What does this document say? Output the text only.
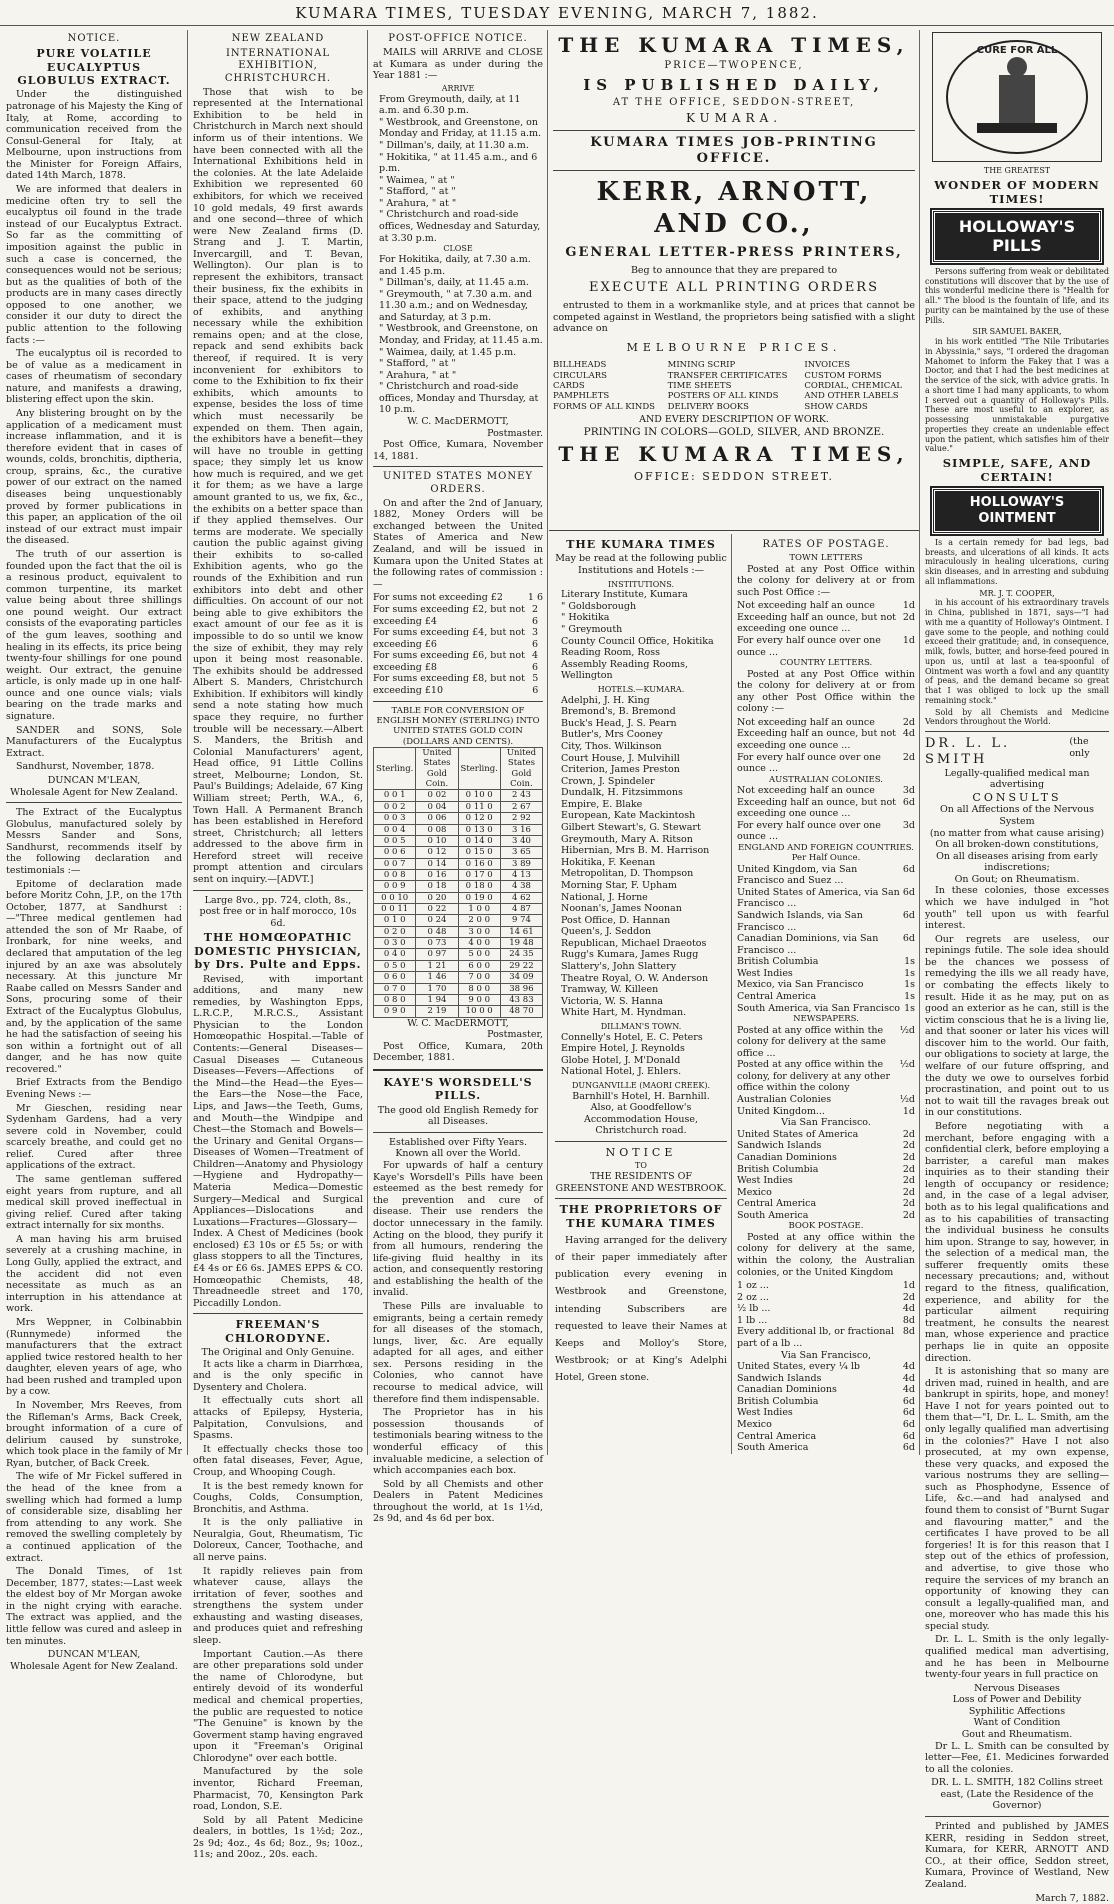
KUMARA TIMES, TUESDAY EVENING, MARCH 7, 1882.
NOTICE.
PURE VOLATILE EUCALYPTUS GLOBULUS EXTRACT.

Under the distinguished patronage of his Majesty the King of Italy, at Rome, according to communication received from the Consul-General for Italy, at Melbourne, upon instructions from the Minister for Foreign Affairs, dated 14th March, 1878.

We are informed that dealers in medicine often try to sell the eucalyptus oil found in the trade instead of our Eucalyptus Extract. So far as the committing of imposition against the public in such a case is concerned, the consequences would not be serious; but as the qualities of both of the products are in many cases directly opposed to one another, we consider it our duty to direct the public attention to the following facts :—

The eucalyptus oil is recorded to be of value as a medicament in cases of rheumatism of secondary nature, and manifests a drawing, blistering effect upon the skin.

Any blistering brought on by the application of a medicament must increase inflammation, and it is therefore evident that in cases of wounds, colds, bronchitis, diptheria, croup, sprains, &c., the curative power of our extract on the named diseases being unquestionably proved by former publications in this paper, an application of the oil instead of our extract must impair the diseased.

The truth of our assertion is founded upon the fact that the oil is a resinous product, equivalent to common turpentine, its market value being about three shillings one pound weight. Our extract consists of the evaporating particles of the gum leaves, soothing and healing in its effects, its price being twenty-four shillings for one pound weight. Our extract, the genuine article, is only made up in one half-ounce and one ounce vials; vials bearing on the trade marks and signature.

SANDER and SONS, Sole Manufacturers of the Eucalyptus Extract.

Sandhurst, November, 1878.

DUNCAN M'LEAN,
Wholesale Agent for New Zealand.

The Extract of the Eucalyptus Globulus, manufactured solely by Messrs Sander and Sons, Sandhurst, recommends itself by the following declaration and testimonials :—

Epitome of declaration made before Moritz Cohn, J.P., on the 17th October, 1877, at Sandhurst :—"Three medical gentlemen had attended the son of Mr Raabe, of Ironbark, for nine weeks, and declared that amputation of the leg injured by an axe was absolutely necessary. At this juncture Mr Raabe called on Messrs Sander and Sons, procuring some of their Extract of the Eucalyptus Globulus, and, by the application of the same he had the satisfaction of seeing his son within a fortnight out of all danger, and he has now quite recovered."

Brief Extracts from the Bendigo Evening News :—

Mr Gieschen, residing near Sydenham Gardens, had a very severe cold in November, could scarcely breathe, and could get no relief. Cured after three applications of the extract.

The same gentleman suffered eight years from rupture, and all medical skill proved ineffectual in giving relief. Cured after taking extract internally for six months.

A man having his arm bruised severely at a crushing machine, in Long Gully, applied the extract, and the accident did not even necessitate as much as an interruption in his attendance at work.

Mrs Weppner, in Colbinabbin (Runnymede) informed the manufacturers that the extract applied twice restored health to her daughter, eleven years of age, who had been rushed and trampled upon by a cow.

In November, Mrs Reeves, from the Rifleman's Arms, Back Creek, brought information of a cure of delirium caused by sunstroke, which took place in the family of Mr Ryan, butcher, of Back Creek.

The wife of Mr Fickel suffered in the head of the knee from a swelling which had formed a lump of considerable size, disabling her from attending to any work. She removed the swelling completely by a continued application of the extract.

The Donald Times, of 1st December, 1877, states:—Last week the eldest boy of Mr Morgan awoke in the night crying with earache. The extract was applied, and the little fellow was cured and asleep in ten minutes.

DUNCAN M'LEAN,
Wholesale Agent for New Zealand.
NEW ZEALAND
INTERNATIONAL EXHIBITION, CHRISTCHURCH.

Those that wish to be represented at the International Exhibition to be held in Christchurch in March next should inform us of their intentions. We have been connected with all the International Exhibitions held in the colonies. At the late Adelaide Exhibition we represented 60 exhibitors, for which we received 10 gold medals, 49 first awards and one second—three of which were New Zealand firms (D. Strang and J. T. Martin, Invercargill, and T. Bevan, Wellington). Our plan is to represent the exhibitors, transact their business, fix the exhibits in their space, attend to the judging of exhibits, and anything necessary while the exhibition remains open; and at the close, repack and send exhibits back thereof, if required. It is very inconvenient for exhibitors to come to the Exhibition to fix their exhibits, which amounts to expense, besides the loss of time which must necessarily be expended on them. Then again, the exhibitors have a benefit—they will have no trouble in getting space; they simply let us know how much is required, and we get it for them; as we have a large amount granted to us, we fix, &c., the exhibits on a better space than if they applied themselves. Our terms are moderate. We specially caution the public against giving their exhibits to so-called Exhibition agents, who go the rounds of the Exhibition and run exhibitors into debt and other difficulties. On account of our not being able to give exhibitors the exact amount of our fee as it is impossible to do so until we know the size of exhibit, they may rely upon it being most reasonable. The exhibits should be addressed Albert S. Manders, Christchurch Exhibition. If exhibitors will kindly send a note stating how much space they require, no further trouble will be necessary.—Albert S. Manders, the British and Colonial Manufacturers' agent, Head office, 91 Little Collins street, Melbourne; London, St. Paul's Buildings; Adelaide, 67 King William street; Perth, W.A., 6, Town Hall. A Permanent Branch has been established in Hereford street, Christchurch; all letters addressed to the above firm in Hereford street will receive prompt attention and circulars sent on inquiry.—[ADVT.]

Large 8vo., pp. 724, cloth, 8s., post free or in half morocco, 10s 6d.

THE HOMŒOPATHIC DOMESTIC PHYSICIAN, by Drs. Pulte and Epps.

Revised, with important additions, and many new remedies, by Washington Epps, L.R.C.P., M.R.C.S., Assistant Physician to the London Homœopathic Hospital.—Table of Contents:—General Diseases—Casual Diseases — Cutaneous Diseases—Fevers—Affections of the Mind—the Head—the Eyes—the Ears—the Nose—the Face, Lips, and Jaws—the Teeth, Gums, and Mouth—the Windpipe and Chest—the Stomach and Bowels—the Urinary and Genital Organs—Diseases of Women—Treatment of Children—Anatomy and Physiology—Hygiene and Hydropathy—Materia Medica—Domestic Surgery—Medical and Surgical Appliances—Dislocations and Luxations—Fractures—Glossary—Index. A Chest of Medicines (book enclosed) £3 10s or £5 5s; or with glass stoppers to all the Tinctures, £4 4s or £6 6s. JAMES EPPS & CO. Homœopathic Chemists, 48, Threadneedle street and 170, Piccadilly London.

FREEMAN'S CHLORODYNE.
The Original and Only Genuine.

It acts like a charm in Diarrhœa, and is the only specific in Dysentery and Cholera.

It effectually cuts short all attacks of Epilepsy, Hysteria, Palpitation, Convulsions, and Spasms.

It effectually checks those too often fatal diseases, Fever, Ague, Croup, and Whooping Cough.

It is the best remedy known for Coughs, Colds, Consumption, Bronchitis, and Asthma.

It is the only palliative in Neuralgia, Gout, Rheumatism, Tic Doloreux, Cancer, Toothache, and all nerve pains.

It rapidly relieves pain from whatever cause, allays the irritation of fever, soothes and strengthens the system under exhausting and wasting diseases, and produces quiet and refreshing sleep.

Important Caution.—As there are other preparations sold under the name of Chlorodyne, but entirely devoid of its wonderful medical and chemical properties, the public are requested to notice "The Genuine" is known by the Goverment stamp having engraved upon it "Freeman's Original Chlorodyne" over each bottle.

Manufactured by the sole inventor, Richard Freeman, Pharmacist, 70, Kensington Park road, London, S.E.

Sold by all Patent Medicine dealers, in bottles, 1s 1½d; 2oz., 2s 9d; 4oz., 4s 6d; 8oz., 9s; 10oz., 11s; and 20oz., 20s. each.

POST-OFFICE NOTICE.

MAILS will ARRIVE and CLOSE at Kumara as under during the Year 1881 :—

ARRIVE
From Greymouth, daily, at 11 a.m. and 6.30 p.m.
" Westbrook, and Greenstone, on Monday and Friday, at 11.15 a.m.
" Dillman's, daily, at 11.30 a.m.
" Hokitika, " at 11.45 a.m., and 6 p.m.
" Waimea, " at "
" Stafford, " at "
" Arahura, " at "
" Christchurch and road-side offices, Wednesday and Saturday, at 3.30 p.m.
CLOSE
For Hokitika, daily, at 7.30 a.m. and 1.45 p.m.
" Dillman's, daily, at 11.45 a.m.
" Greymouth, " at 7.30 a.m. and 11.30 a.m.; and on Wednesday, and Saturday, at 3 p.m.
" Westbrook, and Greenstone, on Monday, and Friday, at 11.45 a.m.
" Waimea, daily, at 1.45 p.m.
" Stafford, " at "
" Arahura, " at "
" Christchurch and road-side offices, Monday and Thursday, at 10 p.m.
W. C. MacDERMOTT,
Postmaster.

Post Office, Kumara, November 14, 1881.

UNITED STATES MONEY ORDERS.

On and after the 2nd of January, 1882, Money Orders will be exchanged between the United States of America and New Zealand, and will be issued in Kumara upon the United States at the following rates of commission :—

For sums not exceeding £2	1 6
For sums exceeding £2, but not exceeding £4
2 6
For sums exceeding £4, but not exceeding £6
3 6
For sums exceeding £6, but not exceeding £8
4 6
For sums exceeding £8, but not exceeding £10
5 6
TABLE FOR CONVERSION OF ENGLISH MONEY (STERLING) INTO UNITED STATES GOLD COIN (DOLLARS AND CENTS).
Sterling.	United States Gold Coin.	Sterling.	United States Gold Coin.
0 0 1	0 02	0 10 0	2 43
0 0 2	0 04	0 11 0	2 67
0 0 3	0 06	0 12 0	2 92
0 0 4	0 08	0 13 0	3 16
0 0 5	0 10	0 14 0	3 40
0 0 6	0 12	0 15 0	3 65
0 0 7	0 14	0 16 0	3 89
0 0 8	0 16	0 17 0	4 13
0 0 9	0 18	0 18 0	4 38
0 0 10	0 20	0 19 0	4 62
0 0 11	0 22	1 0 0	4 87
0 1 0	0 24	2 0 0	9 74
0 2 0	0 48	3 0 0	14 61
0 3 0	0 73	4 0 0	19 48
0 4 0	0 97	5 0 0	24 35
0 5 0	1 21	6 0 0	29 22
0 6 0	1 46	7 0 0	34 09
0 7 0	1 70	8 0 0	38 96
0 8 0	1 94	9 0 0	43 83
0 9 0	2 19	10 0 0	48 70
W. C. MacDERMOTT,
Postmaster,

Post Office, Kumara, 20th December, 1881.

KAYE'S WORSDELL'S PILLS.
The good old English Remedy for all Diseases.
Established over Fifty Years. Known all over the World.

For upwards of half a century Kaye's Worsdell's Pills have been esteemed as the best remedy for the prevention and cure of disease. Their use renders the doctor unnecessary in the family. Acting on the blood, they purify it from all humours, rendering the life-giving fluid healthy in its action, and consequently restoring and establishing the health of the invalid.

These Pills are invaluable to emigrants, being a certain remedy for all diseases of the stomach, lungs, liver, &c. Are equally adapted for all ages, and either sex. Persons residing in the Colonies, who cannot have recourse to medical advice, will therefore find them indispensable.

The Proprietor has in his possession thousands of testimonials bearing witness to the wonderful efficacy of this invaluable medicine, a selection of which accompanies each box.

Sold by all Chemists and other Dealers in Patent Medicines throughout the world, at 1s 1½d, 2s 9d, and 4s 6d per box.

THE KUMARA TIMES,
PRICE—TWOPENCE,
IS PUBLISHED DAILY,
AT THE OFFICE, SEDDON-STREET,
KUMARA.
KUMARA TIMES JOB-PRINTING OFFICE.
KERR, ARNOTT, AND CO.,
GENERAL LETTER-PRESS PRINTERS,
Beg to announce that they are prepared to
EXECUTE ALL PRINTING ORDERS

entrusted to them in a workmanlike style, and at prices that cannot be competed against in Westland, the proprietors being satisfied with a slight advance on

MELBOURNE PRICES.
BILLHEADS	MINING SCRIP	INVOICES
CIRCULARS	TRANSFER CERTIFICATES	CUSTOM FORMS
CARDS	TIME SHEETS	CORDIAL, CHEMICAL
PAMPHLETS	POSTERS OF ALL KINDS	AND OTHER LABELS
FORMS OF ALL KINDS	DELIVERY BOOKS	SHOW CARDS
AND EVERY DESCRIPTION OF WORK.
PRINTING IN COLORS—GOLD, SILVER, AND BRONZE.
THE KUMARA TIMES,
OFFICE: SEDDON STREET.
THE KUMARA TIMES

May be read at the following public Institutions and Hotels :—

INSTITUTIONS.
Literary Institute, Kumara
" Goldsborough
" Hokitika
" Greymouth
County Council Office, Hokitika
Reading Room, Ross
Assembly Reading Rooms, Wellington
HOTELS.—KUMARA.
Adelphi, J. H. King
Bremond's, B. Bremond
Buck's Head, J. S. Pearn
Butler's, Mrs Cooney
City, Thos. Wilkinson
Court House, J. Mulvihill
Criterion, James Preston
Crown, J. Spindeler
Dundalk, H. Fitzsimmons
Empire, E. Blake
European, Kate Mackintosh
Gilbert Stewart's, G. Stewart
Greymouth, Mary A. Ritson
Hibernian, Mrs B. M. Harrison
Hokitika, F. Keenan
Metropolitan, D. Thompson
Morning Star, F. Upham
National, J. Horne
Noonan's, James Noonan
Post Office, D. Hannan
Queen's, J. Seddon
Republican, Michael Draeotos
Rugg's Kumara, James Rugg
Slattery's, John Slattery
Theatre Royal, O. W. Anderson
Tramway, W. Killeen
Victoria, W. S. Hanna
White Hart, M. Hyndman.
DILLMAN'S TOWN.
Connelly's Hotel, E. C. Peters
Empire Hotel, J. Reynolds
Globe Hotel, J. M'Donald
National Hotel, J. Ehlers.
DUNGANVILLE (MAORI CREEK).
Barnhill's Hotel, H. Barnhill.

Also, at Goodfellow's Accommodation House, Christchurch road.

NOTICE
TO
THE RESIDENTS OF GREENSTONE AND WESTBROOK.
THE PROPRIETORS OF THE KUMARA TIMES

Having arranged for the delivery of their paper immediately after publication every evening in Westbrook and Greenstone, intending Subscribers are requested to leave their Names at Keeps and Molloy's Store, Westbrook; or at King's Adelphi Hotel, Green stone.

RATES OF POSTAGE.
TOWN LETTERS

Posted at any Post Office within the colony for delivery at or from such Post Office :—

Not exceeding half an ounce	1d
Exceeding half an ounce, but not exceeding one ounce ...
2d
For every half ounce over one ounce ...
1d
COUNTRY LETTERS.

Posted at any Post Office within the colony for delivery at or from any other Post Office within the colony :—

Not exceeding half an ounce	2d
Exceeding half an ounce, but not exceeding one ounce ...
4d
For every half ounce over one ounce ...
2d
AUSTRALIAN COLONIES.
Not exceeding half an ounce	3d
Exceeding half an ounce, but not exceeding one ounce ...
6d
For every half ounce over one ounce ...
3d
ENGLAND AND FOREIGN COUNTRIES. Per Half Ounce.
United Kingdom, via San Francisco and Suez ...
6d
United States of America, via San Francisco ...
6d
Sandwich Islands, via San Francisco ...
6d
Canadian Dominions, via San Francisco ...
6d
British Columbia	1s
West Indies	1s
Mexico, via San Francisco	1s
Central America	1s
South America, via San Francisco 1s
NEWSPAPERS.
Posted at any office within the colony for delivery at the same office ...
½d
Posted at any office within the colony, for delivery at any other office within the colony
½d
Australian Colonies	½d
United Kingdom...	1d
Via San Francisco.
United States of America	2d
Sandwich Islands	2d
Canadian Dominions	2d
British Columbia	2d
West Indies	2d
Mexico	2d
Central America	2d
South America	2d
BOOK POSTAGE.

Posted at any office within the colony for delivery at the same, within the colony, the Australian colonies, or the United Kingdom

1 oz ...	1d
2 oz ...	2d
½ lb ...	4d
1 lb ...	8d
Every additional lb, or fractional part of a lb ...
8d
Via San Francisco,
United States, every ¼ lb	4d
Sandwich Islands	4d
Canadian Dominions	4d
British Columbia	6d
West Indies	6d
Mexico	6d
Central America	6d
South America	6d
CURE FOR ALL
THE GREATEST
WONDER OF MODERN TIMES!
HOLLOWAY'S PILLS

Persons suffering from weak or debilitated constitutions will discover that by the use of this wonderful medicine there is "Health for all." The blood is the fountain of life, and its purity can be maintained by the use of these Pills.

SIR SAMUEL BAKER,

in his work entitled "The Nile Tributaries in Abyssinia," says, "I ordered the dragoman Mahomet to inform the Fakey that I was a Doctor, and that I had the best medicines at the service of the sick, with advice gratis. In a short time I had many applicants, to whom I served out a quantity of Holloway's Pills. These are most useful to an explorer, as possessing unmistakable purgative properties they create an undeniable effect upon the patient, which satisfies him of their value."

SIMPLE, SAFE, AND CERTAIN!
HOLLOWAY'S OINTMENT

Is a certain remedy for bad legs, bad breasts, and ulcerations of all kinds. It acts miraculously in healing ulcerations, curing skin diseases, and in arresting and subduing all inflammations.

MR. J. T. COOPER,

in his account of his extraordinary travels in China, published in 1871, says—"I had with me a quantity of Holloway's Ointment. I gave some to the people, and nothing could exceed their gratitude; and, in consequence, milk, fowls, butter, and horse-feed poured in upon us, until at last a tea-spoonful of Ointment was worth a fowl and any quantity of peas, and the demand became so great that I was obliged to lock up the small remaining stock."

Sold by all Chemists and Medicine Vendors throughout the World.

DR. L. L. SMITH
(the only
Legally-qualified medical man advertising
CONSULTS
On all Affections of the Nervous System
(no matter from what cause arising)
On all broken-down constitutions,
On all diseases arising from early indiscretions;
On Gout; on Rheumatism.

In these colonies, those excesses which we have indulged in "hot youth" tell upon us with fearful interest.

Our regrets are useless, our repinings futile. The sole idea should be the chances we possess of remedying the ills we all ready have, or combating the effects likely to result. Hide it as he may, put on as good an exterior as he can, still is the victim conscious that he is a living lie, and that sooner or later his vices will discover him to the world. Our faith, our obligations to society at large, the welfare of our future offspring, and the duty we owe to ourselves forbid procrastination, and point out to us not to wait till the ravages break out in our constitutions.

Before negotiating with a merchant, before engaging with a confidential clerk, before employing a barrister, a careful man makes inquiries as to their standing their length of occupancy or residence; and, in the case of a legal adviser, both as to his legal qualifications and as to his capabilities of transacting the individual business he consults him upon. Strange to say, however, in the selection of a medical man, the sufferer frequently omits these necessary precautions; and, without regard to the fitness, qualification, experience, and ability for the particular ailment requiring treatment, he consults the nearest man, whose experience and practice perhaps lie in quite an opposite direction.

It is astonishing that so many are driven mad, ruined in health, and are bankrupt in spirits, hope, and money! Have I not for years pointed out to them that—"I, Dr. L. L. Smith, am the only legally qualified man advertising in the colonies?" Have I not also prosecuted, at my own expense, these very quacks, and exposed the various nostrums they are selling—such as Phosphodyne, Essence of Life, &c.—and had analysed and found them to consist of "Burnt Sugar and flavouring matter," and the certificates I have proved to be all forgeries! It is for this reason that I step out of the ethics of profession, and advertise, to give those who require the services of my branch an opportunity of knowing they can consult a legally-qualified man, and one, moreover who has made this his special study.

Dr. L. L. Smith is the only legally-qualified medical man advertising, and he has been in Melbourne twenty-four years in full practice on

Nervous Diseases
Loss of Power and Debility
Syphilitic Affections
Want of Condition
Gout and Rheumatism.

Dr L. L. Smith can be consulted by letter—Fee, £1. Medicines forwarded to all the colonies.

DR. L. L. SMITH, 182 Collins street east, (Late the Residence of the Governor)

Printed and published by JAMES KERR, residing in Seddon street, Kumara, for KERR, ARNOTT AND CO., at their office, Seddon street, Kumara, Province of Westland, New Zealand.

March 7, 1882.
